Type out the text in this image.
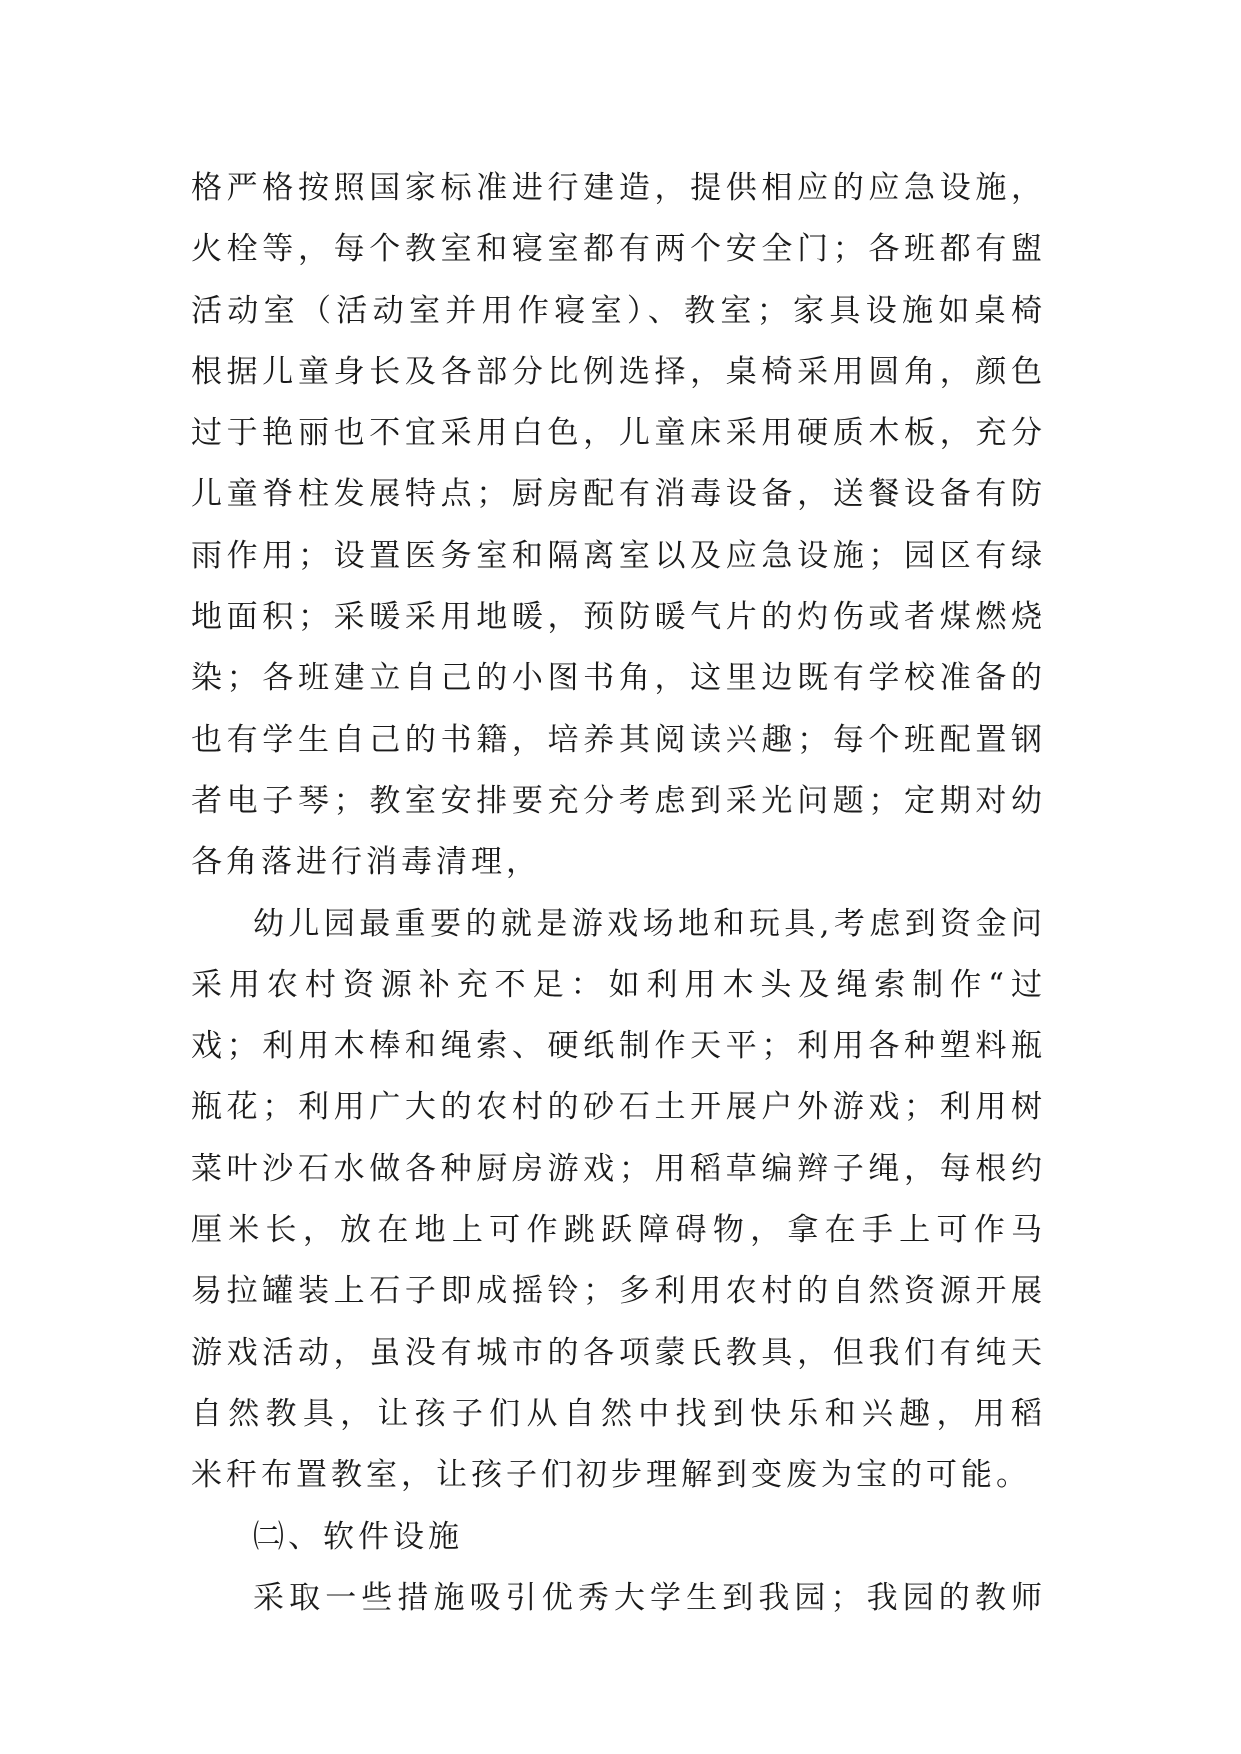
格严格按照国家标准进行建造，提供相应的应急设施，
火栓等，每个教室和寝室都有两个安全门；各班都有盥
活动室（活动室并用作寝室）、教室；家具设施如桌椅
根据儿童身长及各部分比例选择，桌椅采用圆角，颜色
过于艳丽也不宜采用白色，儿童床采用硬质木板，充分
儿童脊柱发展特点；厨房配有消毒设备，送餐设备有防
雨作用；设置医务室和隔离室以及应急设施；园区有绿
地面积；采暖采用地暖，预防暖气片的灼伤或者煤燃烧
染；各班建立自己的小图书角，这里边既有学校准备的
也有学生自己的书籍，培养其阅读兴趣；每个班配置钢
者电子琴；教室安排要充分考虑到采光问题；定期对幼
各角落进行消毒清理，
幼儿园最重要的就是游戏场地和玩具,考虑到资金问
采用农村资源补充不足：如利用木头及绳索制作“过
戏；利用木棒和绳索、硬纸制作天平；利用各种塑料瓶
瓶花；利用广大的农村的砂石土开展户外游戏；利用树
菜叶沙石水做各种厨房游戏；用稻草编辫子绳，每根约
厘米长，放在地上可作跳跃障碍物，拿在手上可作马
易拉罐装上石子即成摇铃；多利用农村的自然资源开展
游戏活动，虽没有城市的各项蒙氏教具，但我们有纯天
自然教具，让孩子们从自然中找到快乐和兴趣，用稻
米秆布置教室，让孩子们初步理解到变废为宝的可能。
㈡、软件设施
采取一些措施吸引优秀大学生到我园；我园的教师
